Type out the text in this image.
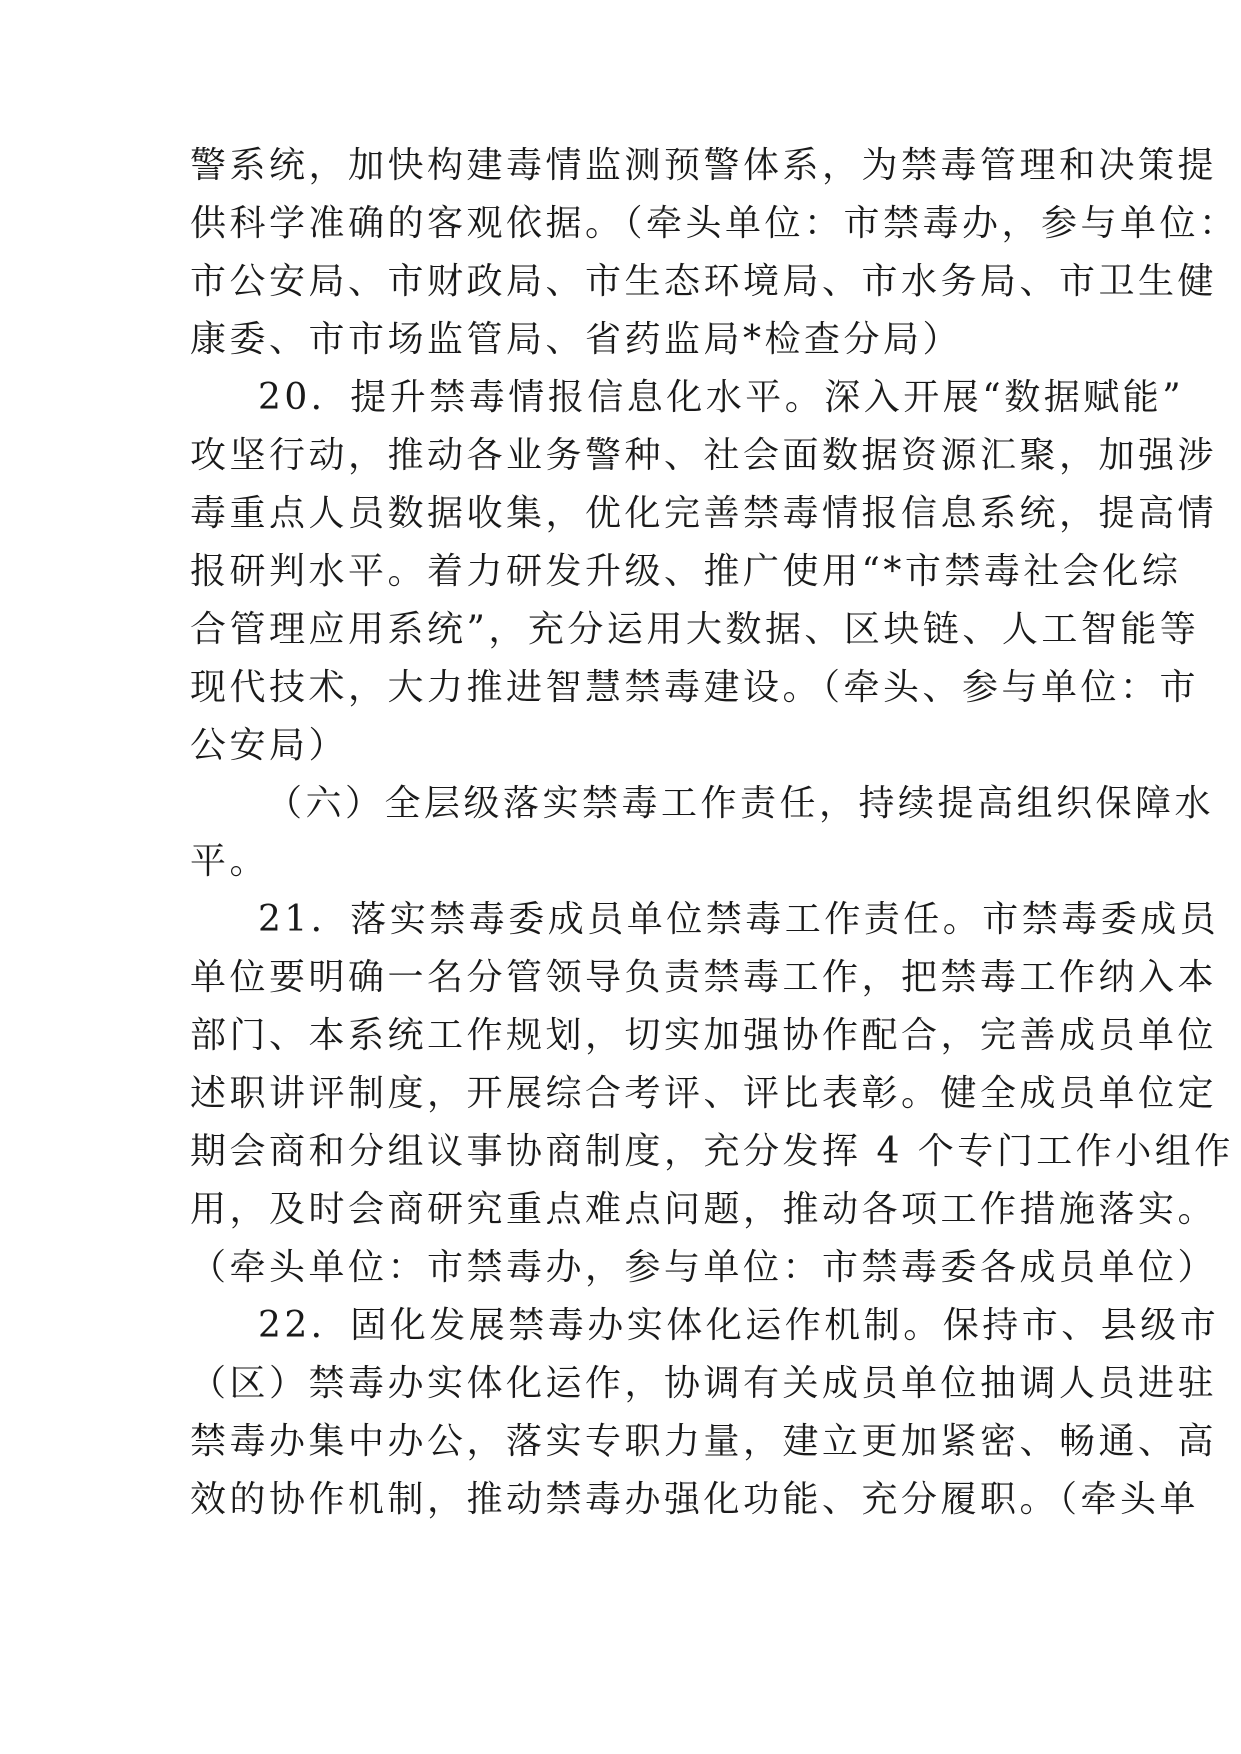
警系统，加快构建毒情监测预警体系，为禁毒管理和决策提
供科学准确的客观依据。（牵头单位：市禁毒办，参与单位：
市公安局、市财政局、市生态环境局、市水务局、市卫生健
康委、市市场监管局、省药监局*检查分局）
20．提升禁毒情报信息化水平。深入开展“数据赋能”
攻坚行动，推动各业务警种、社会面数据资源汇聚，加强涉
毒重点人员数据收集，优化完善禁毒情报信息系统，提高情
报研判水平。着力研发升级、推广使用“*市禁毒社会化综
合管理应用系统”，充分运用大数据、区块链、人工智能等
现代技术，大力推进智慧禁毒建设。（牵头、参与单位：市
公安局）
（六）全层级落实禁毒工作责任，持续提高组织保障水
平。
21．落实禁毒委成员单位禁毒工作责任。市禁毒委成员
单位要明确一名分管领导负责禁毒工作，把禁毒工作纳入本
部门、本系统工作规划，切实加强协作配合，完善成员单位
述职讲评制度，开展综合考评、评比表彰。健全成员单位定
期会商和分组议事协商制度，充分发挥 4 个专门工作小组作
用，及时会商研究重点难点问题，推动各项工作措施落实。
（牵头单位：市禁毒办，参与单位：市禁毒委各成员单位）
22．固化发展禁毒办实体化运作机制。保持市、县级市
（区）禁毒办实体化运作，协调有关成员单位抽调人员进驻
禁毒办集中办公，落实专职力量，建立更加紧密、畅通、高
效的协作机制，推动禁毒办强化功能、充分履职。（牵头单
